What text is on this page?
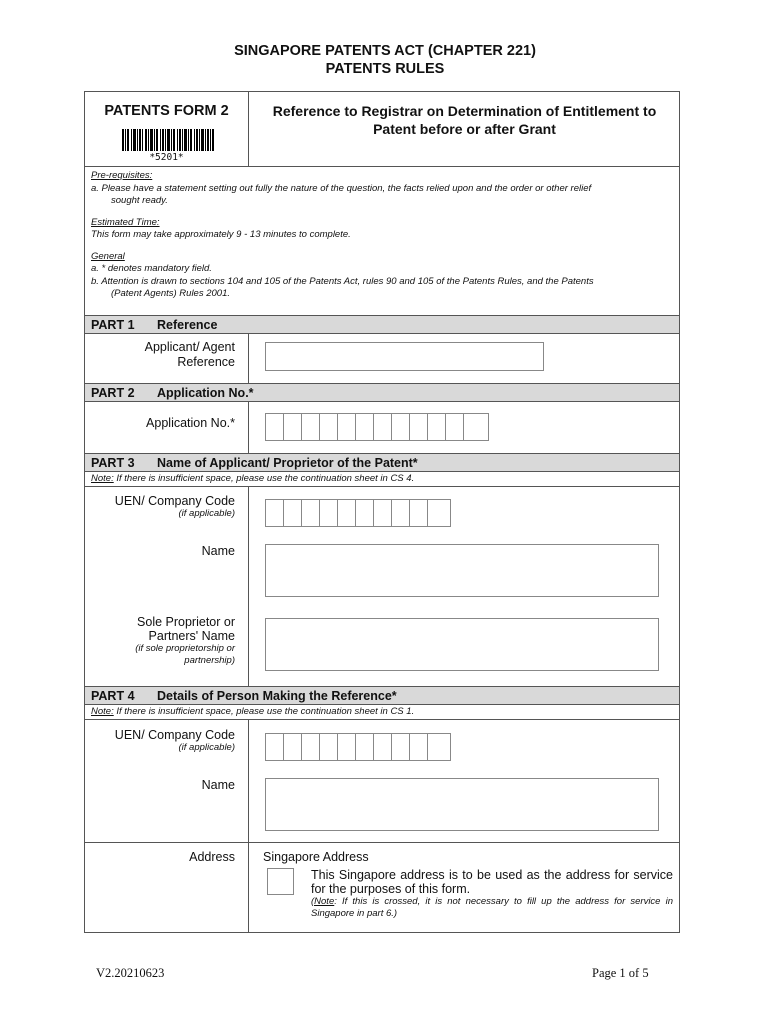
SINGAPORE PATENTS ACT (CHAPTER 221)
PATENTS RULES
PATENTS FORM 2
*5201*
Reference to Registrar on Determination of Entitlement to Patent before or after Grant
Pre-requisites:
a. Please have a statement setting out fully the nature of the question, the facts relied upon and the order or other relief
sought ready.
Estimated Time:
This form may take approximately 9 - 13 minutes to complete.
General
a. * denotes mandatory field.
b. Attention is drawn to sections 104 and 105 of the Patents Act, rules 90 and 105 of the Patents Rules, and the Patents
(Patent Agents) Rules 2001.
PART 1 Reference
Applicant/ Agent
Reference
PART 2 Application No.*
Application No.*
PART 3 Name of Applicant/ Proprietor of the Patent*
Note: If there is insufficient space, please use the continuation sheet in CS 4.
UEN/ Company Code
(if applicable)
Name
Sole Proprietor or
Partners' Name
(if sole proprietorship or
partnership)
PART 4 Details of Person Making the Reference*
Note: If there is insufficient space, please use the continuation sheet in CS 1.
UEN/ Company Code
(if applicable)
Name
Address Singapore Address
This Singapore address is to be used as the address for service for the purposes of this form.
(Note: If this is crossed, it is not necessary to fill up the address for service in Singapore in part 6.)
V2.20210623	Page 1 of 5
